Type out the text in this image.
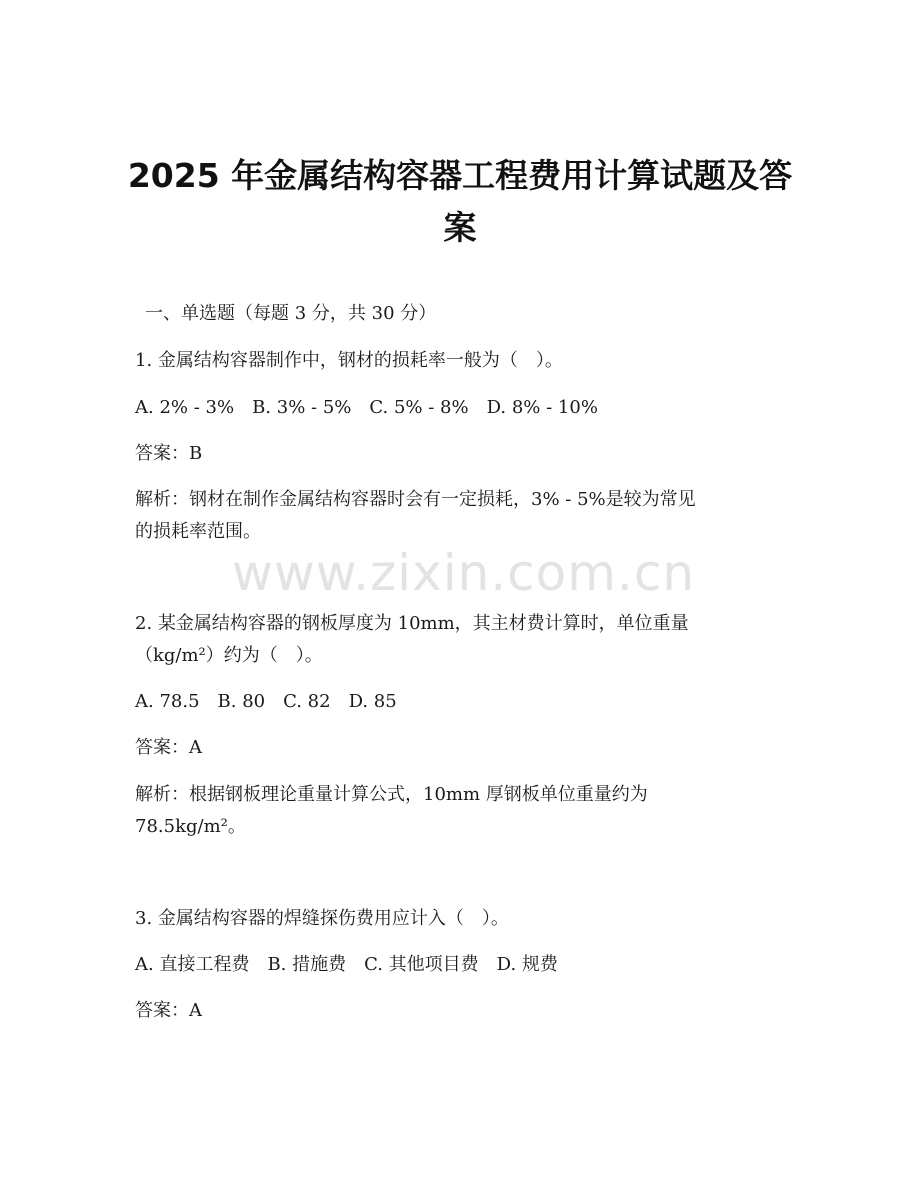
www.zixin.com.cn
2025 年金属结构容器工程费用计算试题及答
案
一、单选题（每题 3 分，共 30 分）
1. 金属结构容器制作中，钢材的损耗率一般为（　）。
A. 2% - 3%　B. 3% - 5%　C. 5% - 8%　D. 8% - 10%
答案：B
解析：钢材在制作金属结构容器时会有一定损耗，3% - 5%是较为常见
的损耗率范围。
2. 某金属结构容器的钢板厚度为 10mm，其主材费计算时，单位重量
（kg/m²）约为（　）。
A. 78.5　B. 80　C. 82　D. 85
答案：A
解析：根据钢板理论重量计算公式，10mm 厚钢板单位重量约为
78.5kg/m²。
3. 金属结构容器的焊缝探伤费用应计入（　）。
A. 直接工程费　B. 措施费　C. 其他项目费　D. 规费
答案：A
